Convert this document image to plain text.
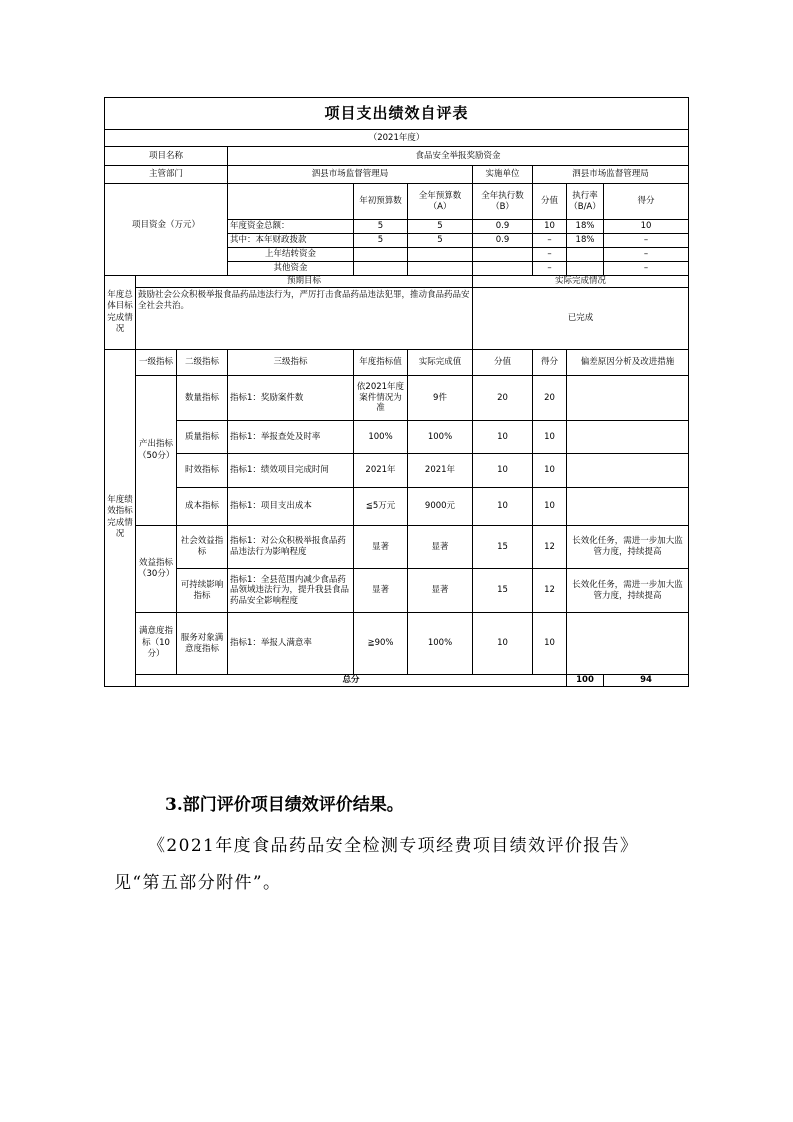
项目支出绩效自评表										
（2021年度）										
项目名称			食品安全举报奖励资金							
主管部门			泗县市场监督管理局			实施单位	泗县市场监督管理局			
项目资金（万元）				年初预算数	全年预算数（A）	全年执行数（B）	分值	执行率（B/A）	得分	
			年度资金总额：	5	5	0.9	10	18%	10	
			其中：本年财政拨款	5	5	0.9	–	18%	–	
			上年结转资金				–		–	
			其他资金				–		–	
年度总体目标完成情况	预期目标					实际完成情况				
	鼓励社会公众积极举报食品药品违法行为，严厉打击食品药品违法犯罪，推动食品药品安全社会共治。					已完成				
年度绩效指标完成情况	一级指标	二级指标	三级指标	年度指标值	实际完成值	分值	得分	偏差原因分析及改进措施		
	产出指标（50分）	数量指标	指标1：奖励案件数	依2021年度案件情况为准	9件	20	20			
		质量指标	指标1：举报查处及时率	100%	100%	10	10			
		时效指标	指标1：绩效项目完成时间	2021年	2021年	10	10			
		成本指标	指标1：项目支出成本	≦5万元	9000元	10	10			
	效益指标（30分）	社会效益指标	指标1：对公众积极举报食品药品违法行为影响程度	显著	显著	15	12	长效化任务，需进一步加大监管力度，持续提高		
		可持续影响指标	指标1：全县范围内减少食品药品领域违法行为，提升我县食品药品安全影响程度	显著	显著	15	12	长效化任务，需进一步加大监管力度，持续提高		
	满意度指标（10分）	服务对象满意度指标	指标1：举报人满意率	≧90%	100%	10	10			
	总分							100	94	
3.部门评价项目绩效评价结果。
《2021年度食品药品安全检测专项经费项目绩效评价报告》见“第五部分附件”。
